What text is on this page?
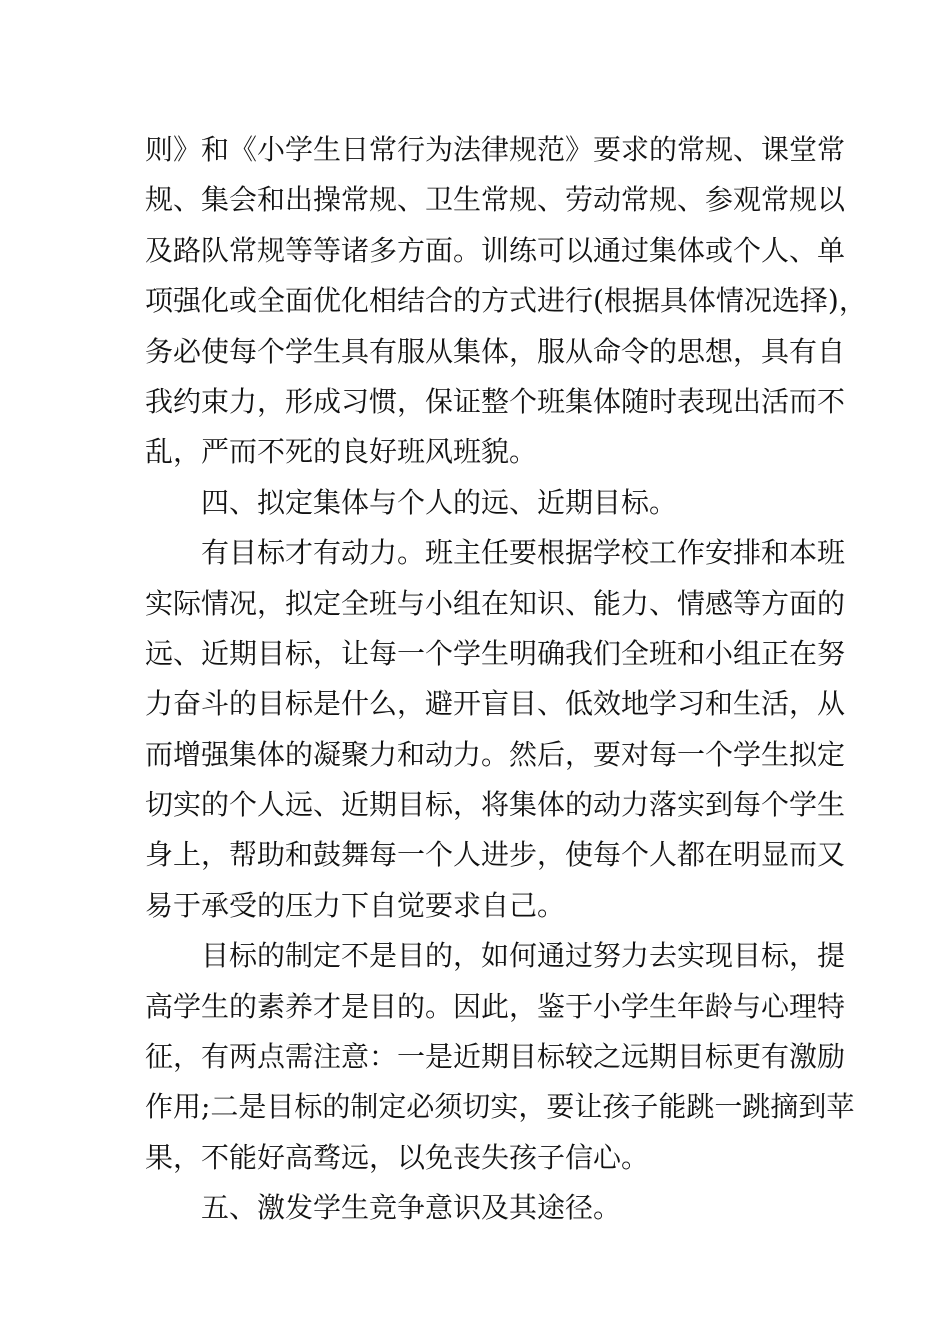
则》和《小学生日常行为法律规范》要求的常规、课堂常
规、集会和出操常规、卫生常规、劳动常规、参观常规以
及路队常规等等诸多方面。训练可以通过集体或个人、单
项强化或全面优化相结合的方式进行(根据具体情况选择)，
务必使每个学生具有服从集体，服从命令的思想，具有自
我约束力，形成习惯，保证整个班集体随时表现出活而不
乱，严而不死的良好班风班貌。
四、拟定集体与个人的远、近期目标。
有目标才有动力。班主任要根据学校工作安排和本班
实际情况，拟定全班与小组在知识、能力、情感等方面的
远、近期目标，让每一个学生明确我们全班和小组正在努
力奋斗的目标是什么，避开盲目、低效地学习和生活，从
而增强集体的凝聚力和动力。然后，要对每一个学生拟定
切实的个人远、近期目标，将集体的动力落实到每个学生
身上，帮助和鼓舞每一个人进步，使每个人都在明显而又
易于承受的压力下自觉要求自己。
目标的制定不是目的，如何通过努力去实现目标，提
高学生的素养才是目的。因此，鉴于小学生年龄与心理特
征，有两点需注意：一是近期目标较之远期目标更有激励
作用;二是目标的制定必须切实，要让孩子能跳一跳摘到苹
果，不能好高骛远，以免丧失孩子信心。
五、激发学生竞争意识及其途径。
